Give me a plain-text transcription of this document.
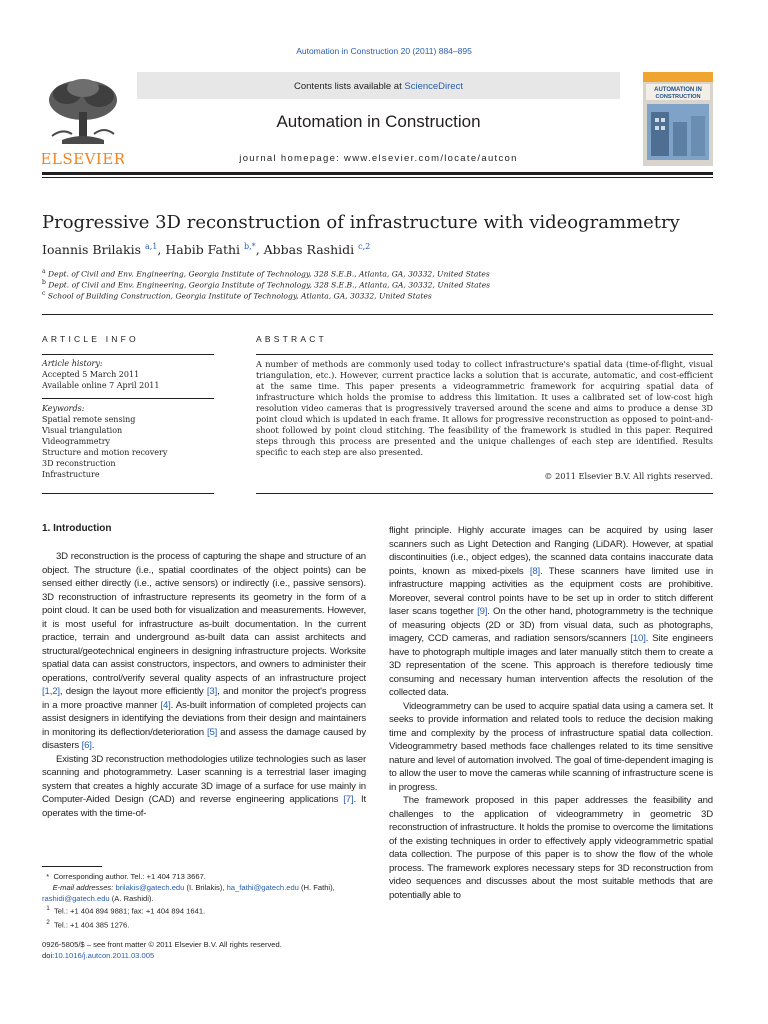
Automation in Construction 20 (2011) 884–895
Contents lists available at ScienceDirect
Automation in Construction
journal homepage: www.elsevier.com/locate/autcon
ELSEVIER
AUTOMATION IN
CONSTRUCTION
Progressive 3D reconstruction of infrastructure with videogrammetry
Ioannis Brilakis $^{a,1}$, Habib Fathi $^{b,*}$, Abbas Rashidi $^{c,2}$
$^a$ Dept. of Civil and Env. Engineering, Georgia Institute of Technology, 328 S.E.B., Atlanta, GA, 30332, United States
$^b$ Dept. of Civil and Env. Engineering, Georgia Institute of Technology, 328 S.E.B., Atlanta, GA, 30332, United States
$^c$ School of Building Construction, Georgia Institute of Technology, Atlanta, GA, 30332, United States
ARTICLE INFO
Article history:
Accepted 5 March 2011
Available online 7 April 2011
Keywords:
Spatial remote sensing
Visual triangulation
Videogrammetry
Structure and motion recovery
3D reconstruction
Infrastructure
ABSTRACT
A number of methods are commonly used today to collect infrastructure's spatial data (time-of-flight, visual triangulation, etc.). However, current practice lacks a solution that is accurate, automatic, and cost-efficient at the same time. This paper presents a videogrammetric framework for acquiring spatial data of infrastructure which holds the promise to address this limitation. It uses a calibrated set of low-cost high resolution video cameras that is progressively traversed around the scene and aims to produce a dense 3D point cloud which is updated in each frame. It allows for progressive reconstruction as opposed to point-and-shoot followed by point cloud stitching. The feasibility of the framework is studied in this paper. Required steps through this process are presented and the unique challenges of each step are identified. Results specific to each step are also presented.
© 2011 Elsevier B.V. All rights reserved.
1. Introduction

3D reconstruction is the process of capturing the shape and structure of an object. The structure (i.e., spatial coordinates of the object points) can be sensed either directly (i.e., active sensors) or indirectly (i.e., passive sensors). 3D reconstruction of infrastructure represents its geometry in the form of a point cloud. It can be used both for visualization and measurements. However, it is most useful for infrastructure as-built documentation. In the current practice, terrain and underground as-built data can assist architects and structural/geotechnical engineers in designing infrastructure projects. Worksite spatial data can assist constructors, inspectors, and owners to administer their operations, control/verify several quality aspects of an infrastructure project [1,2], design the layout more efficiently [3], and monitor the project's progress in a more proactive manner [4]. As-built information of completed projects can assist designers in identifying the deviations from their design and maintainers in monitoring its deflection/deterioration [5] and assess the damage caused by disasters [6].

Existing 3D reconstruction methodologies utilize technologies such as laser scanning and photogrammetry. Laser scanning is a terrestrial laser imaging system that creates a highly accurate 3D image of a surface for use mainly in Computer-Aided Design (CAD) and reverse engineering applications [7]. It operates with the time-of-

flight principle. Highly accurate images can be acquired by using laser scanners such as Light Detection and Ranging (LiDAR). However, at spatial discontinuities (i.e., object edges), the scanned data contains inaccurate data points, known as mixed-pixels [8]. These scanners have limited use in infrastructure mapping activities as the equipment costs are prohibitive. Moreover, several control points have to be set up in order to stitch different laser scans together [9]. On the other hand, photogrammetry is the technique of measuring objects (2D or 3D) from visual data, such as photographs, imagery, CCD cameras, and radiation sensors/scanners [10]. Site engineers have to photograph multiple images and later manually stitch them to create a 3D representation of the scene. This approach is therefore tediously time consuming and necessary human intervention affects the resolution of the collected data.

Videogrammetry can be used to acquire spatial data using a camera set. It seeks to provide information and related tools to reduce the decision making time and complexity by the process of infrastructure spatial data collection. Videogrammetry based methods face challenges related to its time sensitive nature and level of automation involved. The goal of time-dependent imaging is to allow the user to move the cameras while scanning of infrastructure scene is in progress.

The framework proposed in this paper addresses the feasibility and challenges to the application of videogrammetry in geometric 3D reconstruction of infrastructure. It holds the promise to overcome the limitations of the existing techniques in order to effectively apply videogrammetric spatial data collection. The purpose of this paper is to show the flow of the whole process. The framework explores necessary steps for 3D reconstruction from video sequences and discusses about the most suitable methods that are potentially able to

* Corresponding author. Tel.: +1 404 713 3667.
E-mail addresses: brilakis@gatech.edu (I. Brilakis), ha_fathi@gatech.edu (H. Fathi),
rashidi@gatech.edu (A. Rashidi).
$^1$ Tel.: +1 404 894 9881; fax: +1 404 894 1641.
$^2$ Tel.: +1 404 385 1276.
0926-5805/$ – see front matter © 2011 Elsevier B.V. All rights reserved.
doi:10.1016/j.autcon.2011.03.005
